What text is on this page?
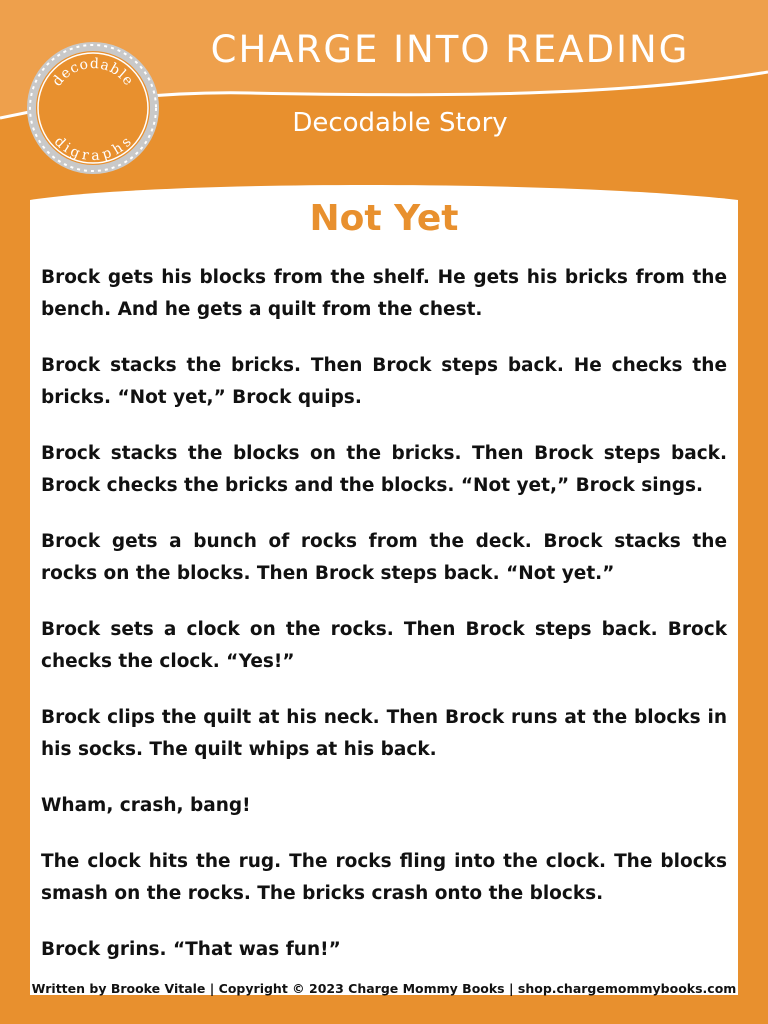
CHARGE INTO READING
Decodable Story
decodable
digraphs
Not Yet

Brock gets his blocks from the shelf. He gets his bricks from the bench. And he gets a quilt from the chest.

Brock stacks the bricks. Then Brock steps back. He checks the bricks. “Not yet,” Brock quips.

Brock stacks the blocks on the bricks. Then Brock steps back. Brock checks the bricks and the blocks. “Not yet,” Brock sings.

Brock gets a bunch of rocks from the deck. Brock stacks the rocks on the blocks. Then Brock steps back. “Not yet.”

Brock sets a clock on the rocks. Then Brock steps back. Brock checks the clock. “Yes!”

Brock clips the quilt at his neck. Then Brock runs at the blocks in his socks. The quilt whips at his back.

Wham, crash, bang!

The clock hits the rug. The rocks fling into the clock. The blocks smash on the rocks. The bricks crash onto the blocks.

Brock grins. “That was fun!”

Written by Brooke Vitale | Copyright © 2023 Charge Mommy Books | shop.chargemommybooks.com
